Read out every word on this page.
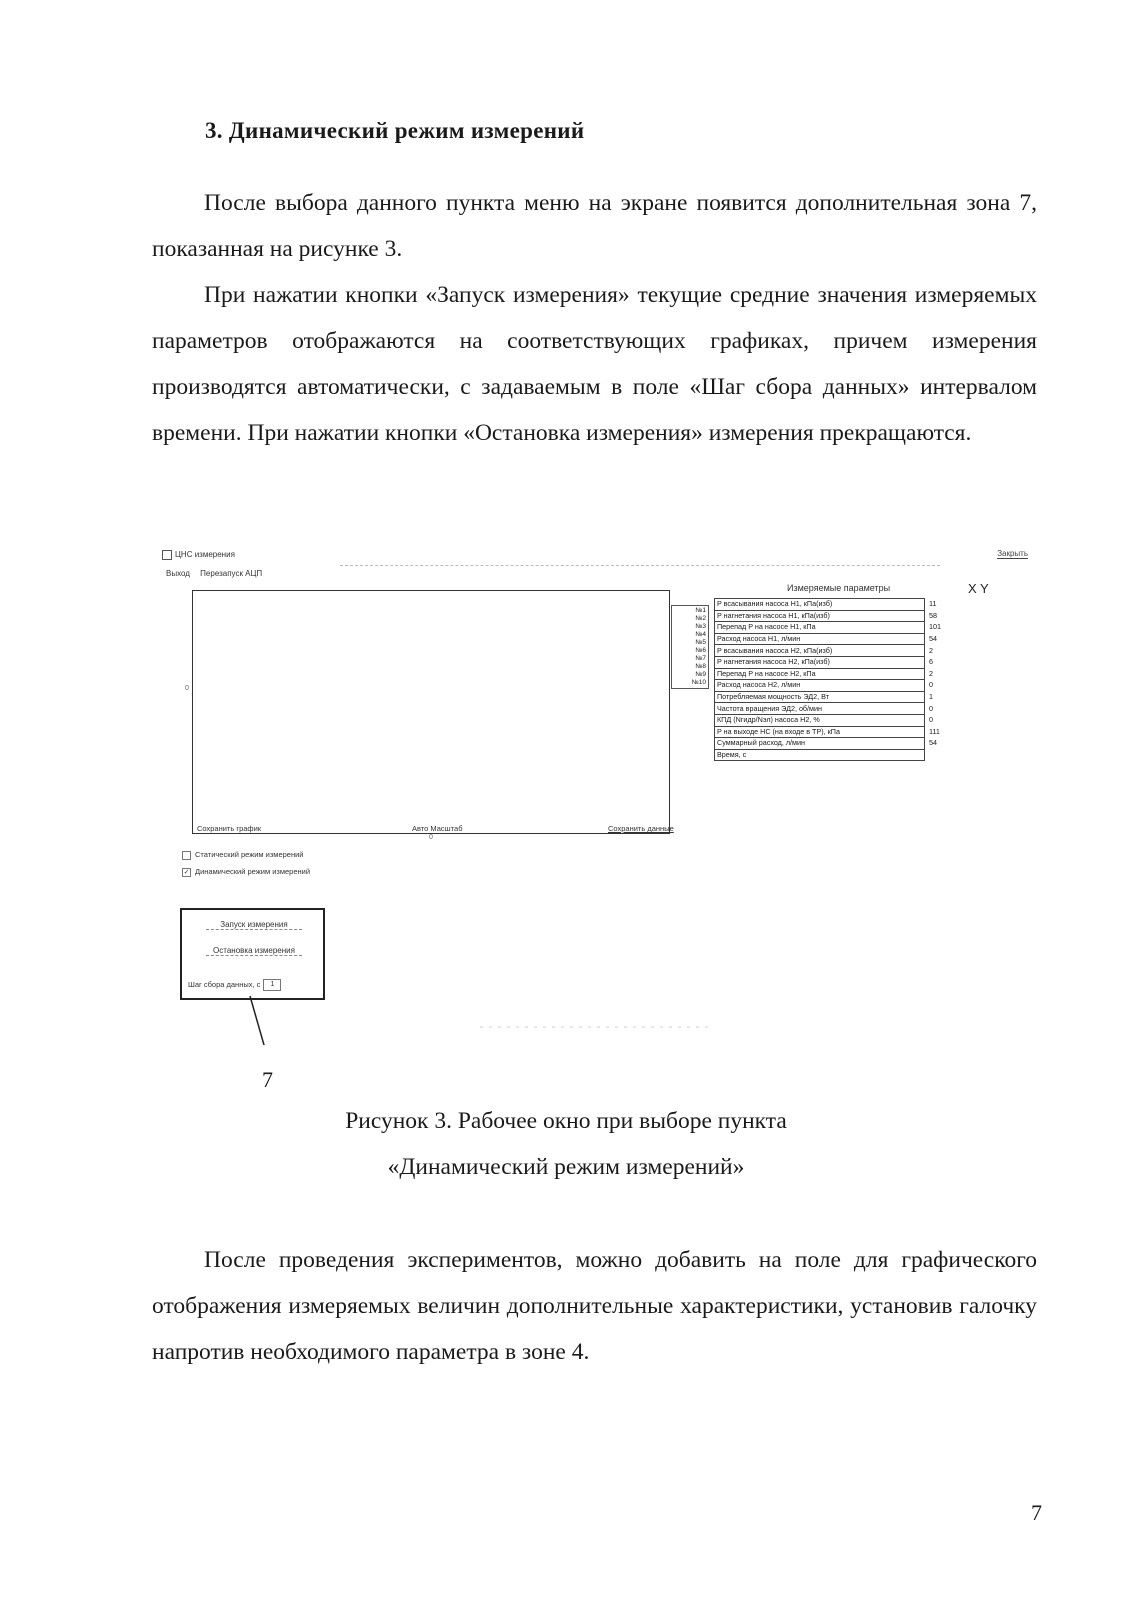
3. Динамический режим измерений
После выбора данного пункта меню на экране появится дополнительная зона 7, показанная на рисунке 3.
При нажатии кнопки «Запуск измерения» текущие средние значения измеряемых параметров отображаются на соответствующих графиках, причем измерения производятся автоматически, с задаваемым в поле «Шаг сбора данных» интервалом времени. При нажатии кнопки «Остановка измерения» измерения прекращаются.
ЦНС измерения	Закрыть
Выход Перезапуск АЦП
0
0
№1
№2
№3
№4
№5
№6
№7
№8
№9
№10
Измеряемые параметры	X Y
P всасывания насоса Н1, кПа(изб)	11
P нагнетания насоса Н1, кПа(изб)	58
Перепад P на насосе Н1, кПа	101
Расход насоса Н1, л/мин	54
P всасывания насоса Н2, кПа(изб)	2
P нагнетания насоса Н2, кПа(изб)	6
Перепад P на насосе Н2, кПа	2
Расход насоса Н2, л/мин	0
Потребляемая мощность ЭД2, Вт	1
Частота вращения ЭД2, об/мин	0
КПД (Nгидр/Nэл) насоса Н2, %	0
P на выходе НС (на входе в ТР), кПа	111
Суммарный расход, л/мин	54
Время, с	
Сохранить график	Авто Масштаб	Сохранить данные
Статический режим измерений
✓ Динамический режим измерений
Запуск измерения
Остановка измерения
Шаг сбора данных, с 1
7
Рисунок 3. Рабочее окно при выборе пункта
«Динамический режим измерений»
После проведения экспериментов, можно добавить на поле для графического отображения измеряемых величин дополнительные характеристики, установив галочку напротив необходимого параметра в зоне 4.
7
